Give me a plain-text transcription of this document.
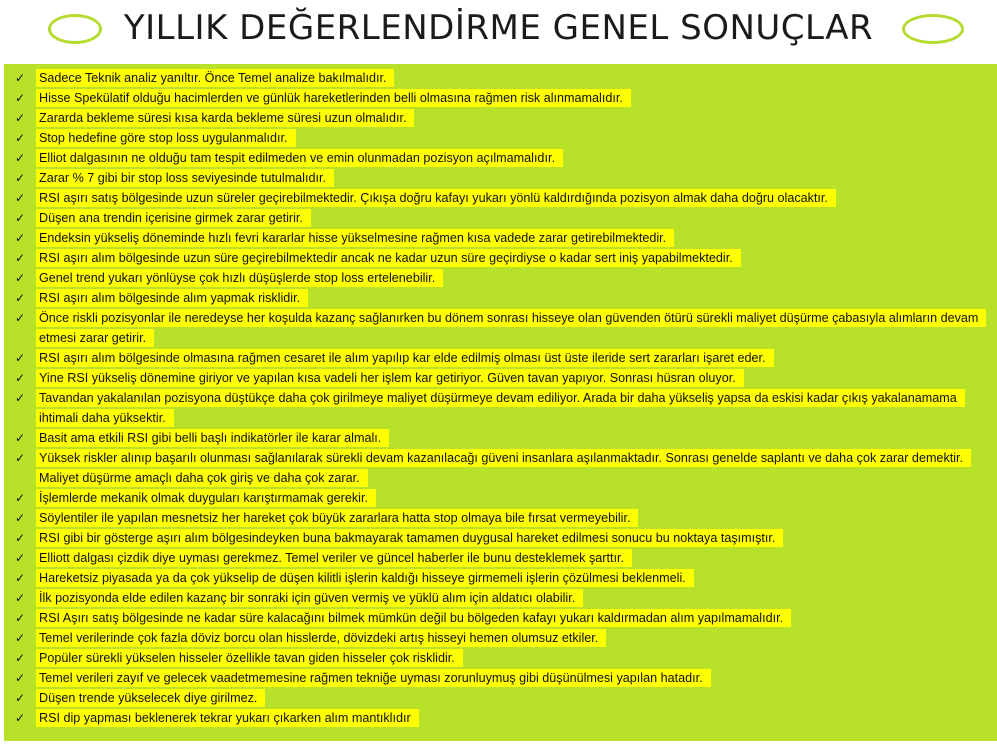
YILLIK DEĞERLENDİRME GENEL SONUÇLAR
✓ Sadece Teknik analiz yanıltır. Önce Temel analize bakılmalıdır.
✓ Hisse Spekülatif olduğu hacimlerden ve günlük hareketlerinden belli olmasına rağmen risk alınmamalıdır.
✓ Zararda bekleme süresi kısa karda bekleme süresi uzun olmalıdır.
✓ Stop hedefine göre stop loss uygulanmalıdır.
✓ Elliot dalgasının ne olduğu tam tespit edilmeden ve emin olunmadan pozisyon açılmamalıdır.
✓ Zarar % 7 gibi bir stop loss seviyesinde tutulmalıdır.
✓ RSI aşırı satış bölgesinde uzun süreler geçirebilmektedir. Çıkışa doğru kafayı yukarı yönlü kaldırdığında pozisyon almak daha doğru olacaktır.
✓ Düşen ana trendin içerisine girmek zarar getirir.
✓ Endeksin yükseliş döneminde hızlı fevri kararlar hisse yükselmesine rağmen kısa vadede zarar getirebilmektedir.
✓ RSI aşırı alım bölgesinde uzun süre geçirebilmektedir ancak ne kadar uzun süre geçirdiyse o kadar sert iniş yapabilmektedir.
✓ Genel trend yukarı yönlüyse çok hızlı düşüşlerde stop loss ertelenebilir.
✓ RSI aşırı alım bölgesinde alım yapmak risklidir.
✓ Önce riskli pozisyonlar ile neredeyse her koşulda kazanç sağlanırken bu dönem sonrası hisseye olan güvenden ötürü sürekli maliyet düşürme çabasıyla alımların devam etmesi zarar getirir.
✓ RSI aşırı alım bölgesinde olmasına rağmen cesaret ile alım yapılıp kar elde edilmiş olması üst üste ileride sert zararları işaret eder.
✓ Yine RSI yükseliş dönemine giriyor ve yapılan kısa vadeli her işlem kar getiriyor. Güven tavan yapıyor. Sonrası hüsran oluyor.
✓ Tavandan yakalanılan pozisyona düştükçe daha çok girilmeye maliyet düşürmeye devam ediliyor. Arada bir daha yükseliş yapsa da eskisi kadar çıkış yakalanamama ihtimali daha yüksektir.
✓ Basit ama etkili RSI gibi belli başlı indikatörler ile karar almalı.
✓ Yüksek riskler alınıp başarılı olunması sağlanılarak sürekli devam kazanılacağı güveni insanlara aşılanmaktadır. Sonrası genelde saplantı ve daha çok zarar demektir. Maliyet düşürme amaçlı daha çok giriş ve daha çok zarar.
✓ İşlemlerde mekanik olmak duyguları karıştırmamak gerekir.
✓ Söylentiler ile yapılan mesnetsiz her hareket çok büyük zararlara hatta stop olmaya bile fırsat vermeyebilir.
✓ RSI gibi bir gösterge aşırı alım bölgesindeyken buna bakmayarak tamamen duygusal hareket edilmesi sonucu bu noktaya taşımıştır.
✓ Elliott dalgası çizdik diye uyması gerekmez. Temel veriler ve güncel haberler ile bunu desteklemek şarttır.
✓ Hareketsiz piyasada ya da çok yükselip de düşen kilitli işlerin kaldığı hisseye girmemeli işlerin çözülmesi beklenmeli.
✓ İlk pozisyonda elde edilen kazanç bir sonraki için güven vermiş ve yüklü alım için aldatıcı olabilir.
✓ RSI Aşırı satış bölgesinde ne kadar süre kalacağını bilmek mümkün değil bu bölgeden kafayı yukarı kaldırmadan alım yapılmamalıdır.
✓ Temel verilerinde çok fazla döviz borcu olan hisslerde, dövizdeki artış hisseyi hemen olumsuz etkiler.
✓ Popüler sürekli yükselen hisseler özellikle tavan giden hisseler çok risklidir.
✓ Temel verileri zayıf ve gelecek vaadetmemesine rağmen tekniğe uyması zorunluymuş gibi düşünülmesi yapılan hatadır.
✓ Düşen trende yükselecek diye girilmez.
✓ RSI dip yapması beklenerek tekrar yukarı çıkarken alım mantıklıdır
